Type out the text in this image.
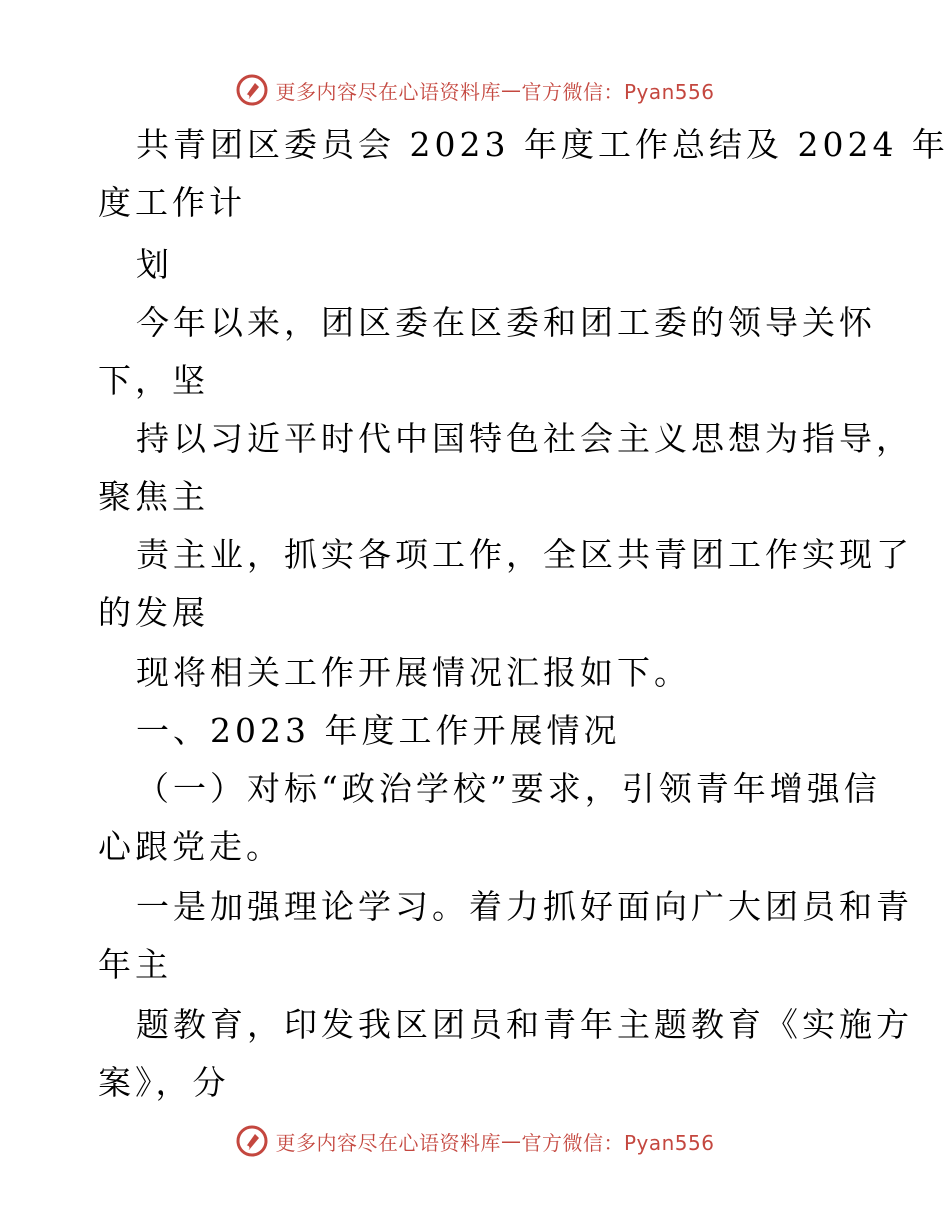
更多内容尽在心语资料库 — 官方微信：Pyan556
共青团区委员会 2023 年度工作总结及 2024 年
度工作计
划
今年以来，团区委在区委和团工委的领导关怀
下，坚
持以习近平时代中国特色社会主义思想为指导，
聚焦主
责主业，抓实各项工作，全区共青团工作实现了
的发展
现将相关工作开展情况汇报如下。
一、2023 年度工作开展情况
（一）对标“政治学校”要求，引领青年增强信
心跟党走。
一是加强理论学习。着力抓好面向广大团员和青
年主
题教育，印发我区团员和青年主题教育《实施方
案》，分
更多内容尽在心语资料库 — 官方微信：Pyan556
